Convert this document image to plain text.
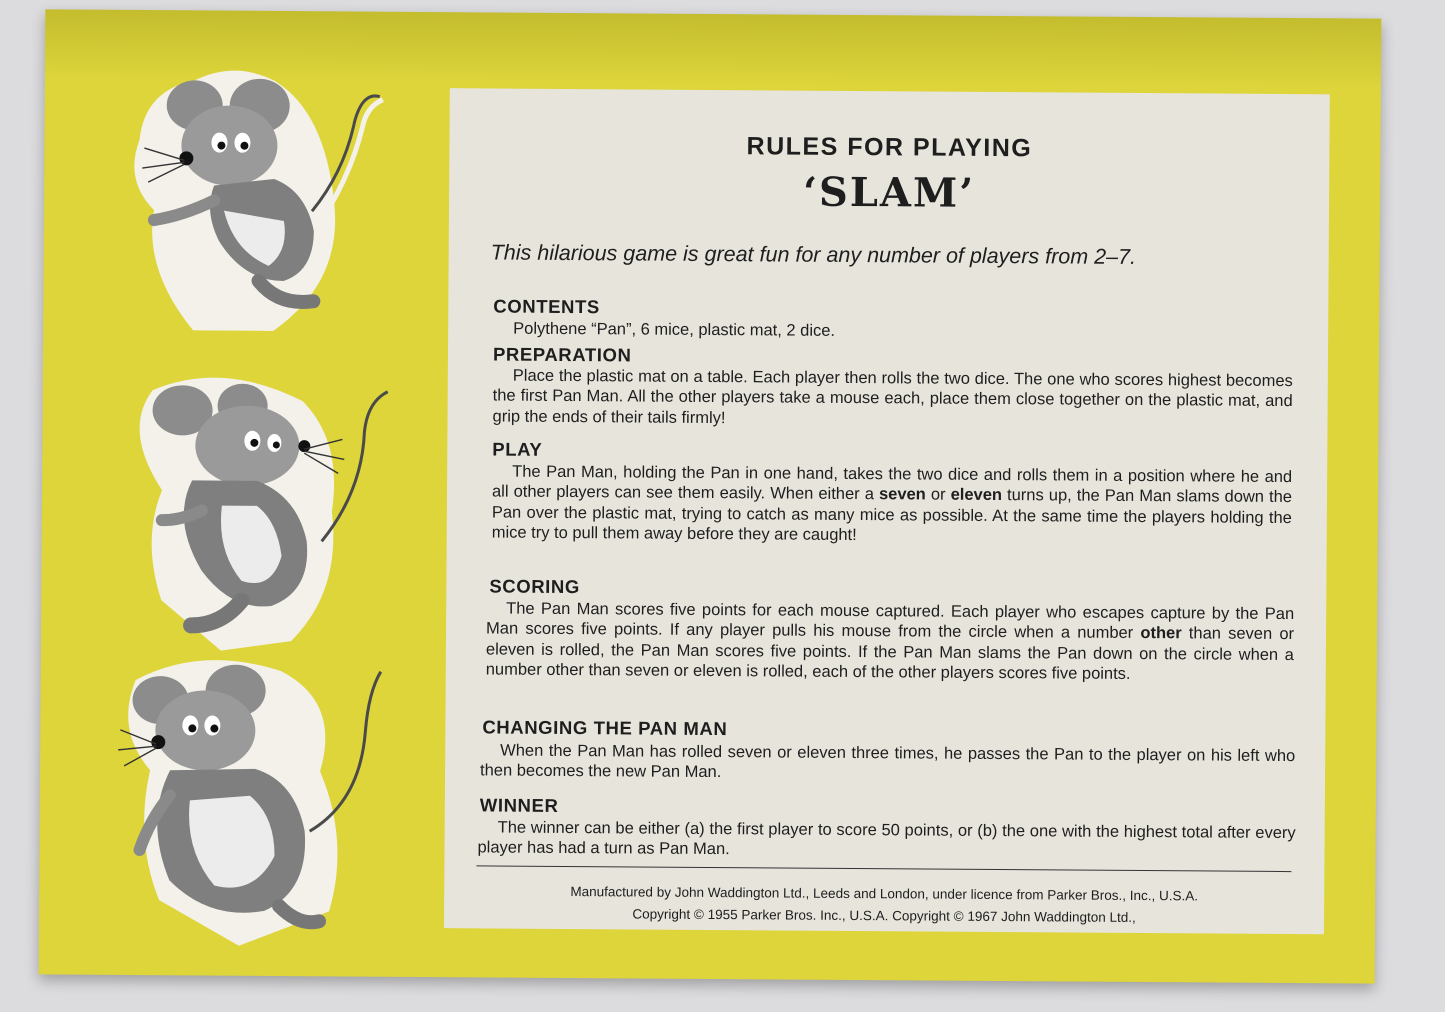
RULES FOR PLAYING
‘SLAM’
This hilarious game is great fun for any number of players from 2–7.
CONTENTS
Polythene “Pan”, 6 mice, plastic mat, 2 dice.
PREPARATION
Place the plastic mat on a table. Each player then rolls the two dice. The one who scores highest becomes the first Pan Man. All the other players take a mouse each, place them close together on the plastic mat, and grip the ends of their tails firmly!
PLAY
The Pan Man, holding the Pan in one hand, takes the two dice and rolls them in a position where he and all other players can see them easily. When either a seven or eleven turns up, the Pan Man slams down the Pan over the plastic mat, trying to catch as many mice as possible. At the same time the players holding the mice try to pull them away before they are caught!
SCORING
The Pan Man scores five points for each mouse captured. Each player who escapes capture by the Pan Man scores five points. If any player pulls his mouse from the circle when a number other than seven or eleven is rolled, the Pan Man scores five points. If the Pan Man slams the Pan down on the circle when a number other than seven or eleven is rolled, each of the other players scores five points.
CHANGING THE PAN MAN
When the Pan Man has rolled seven or eleven three times, he passes the Pan to the player on his left who then becomes the new Pan Man.
WINNER
The winner can be either (a) the first player to score 50 points, or (b) the one with the highest total after every player has had a turn as Pan Man.
Manufactured by John Waddington Ltd., Leeds and London, under licence from Parker Bros., Inc., U.S.A.
Copyright © 1955 Parker Bros. Inc., U.S.A. Copyright © 1967 John Waddington Ltd.,
